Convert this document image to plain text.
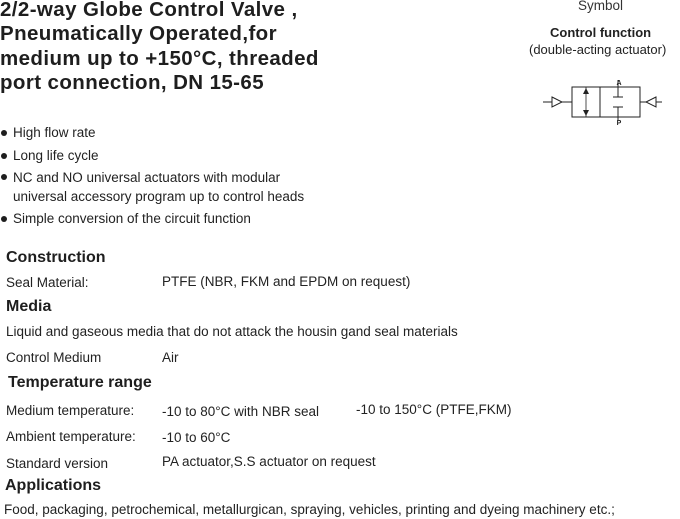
2/2-way Globe Control Valve ,
Pneumatically Operated,for
medium up to +150°C, threaded
port connection, DN 15-65
Symbol
Control function
(double-acting actuator)
A
P
High flow rate
Long life cycle
NC and NO universal actuators with modular
universal accessory program up to control heads
Simple conversion of the circuit function
Construction
Seal Material:	PTFE (NBR, FKM and EPDM on request)
Media
Liquid and gaseous media that do not attack the housin gand seal materials
Control Medium	Air
Temperature range
Medium temperature: -10 to 80°C with NBR seal	-10 to 150°C (PTFE,FKM)
Ambient temperature: -10 to 60°C
Standard version	PA actuator,S.S actuator on request
Applications
Food, packaging, petrochemical, metallurgican, spraying, vehicles, printing and dyeing machinery etc.;
